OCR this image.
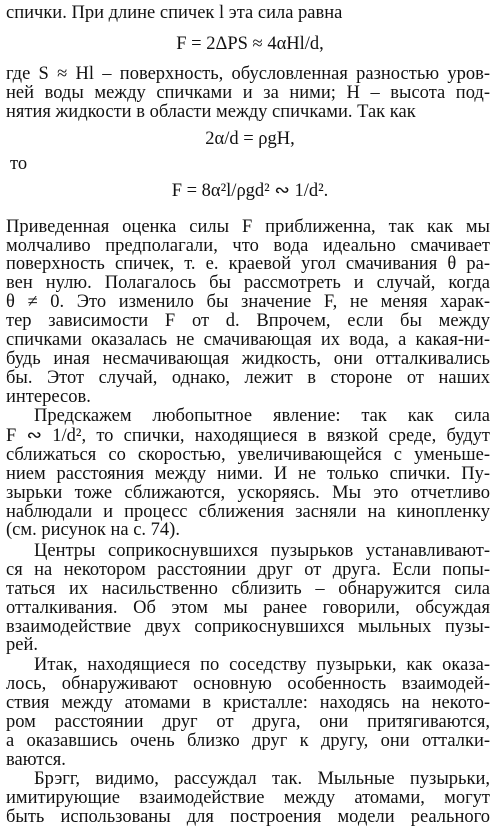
спички. При длине спичек l эта сила равна
F = 2ΔPS ≈ 4αHl/d,
где S ≈ Hl – поверхность, обусловленная разностью уров-
ней воды между спичками и за ними; H – высота под-
нятия жидкости в области между спичками. Так как
2α/d = ρgH,
то
F = 8α²l/ρgd² ∾ 1/d².
Приведенная оценка силы F приближенна, так как мы
молчаливо предполагали, что вода идеально смачивает
поверхность спичек, т. е. краевой угол смачивания θ ра-
вен нулю. Полагалось бы рассмотреть и случай, когда
θ ≠ 0. Это изменило бы значение F, не меняя харак-
тер зависимости F от d. Впрочем, если бы между
спичками оказалась не смачивающая их вода, а какая-ни-
будь иная несмачивающая жидкость, они отталкивались
бы. Этот случай, однако, лежит в стороне от наших
интересов.
Предскажем любопытное явление: так как сила
F ∾ 1/d², то спички, находящиеся в вязкой среде, будут
сближаться со скоростью, увеличивающейся с уменьше-
нием расстояния между ними. И не только спички. Пу-
зырьки тоже сближаются, ускоряясь. Мы это отчетливо
наблюдали и процесс сближения засняли на кинопленку
(см. рисунок на с. 74).
Центры соприкоснувшихся пузырьков устанавливают-
ся на некотором расстоянии друг от друга. Если попы-
таться их насильственно сблизить – обнаружится сила
отталкивания. Об этом мы ранее говорили, обсуждая
взаимодействие двух соприкоснувшихся мыльных пузы-
рей.
Итак, находящиеся по соседству пузырьки, как оказа-
лось, обнаруживают основную особенность взаимодей-
ствия между атомами в кристалле: находясь на некото-
ром расстоянии друг от друга, они притягиваются,
а оказавшись очень близко друг к другу, они отталки-
ваются.
Брэгг, видимо, рассуждал так. Мыльные пузырьки,
имитирующие взаимодействие между атомами, могут
быть использованы для построения модели реального
